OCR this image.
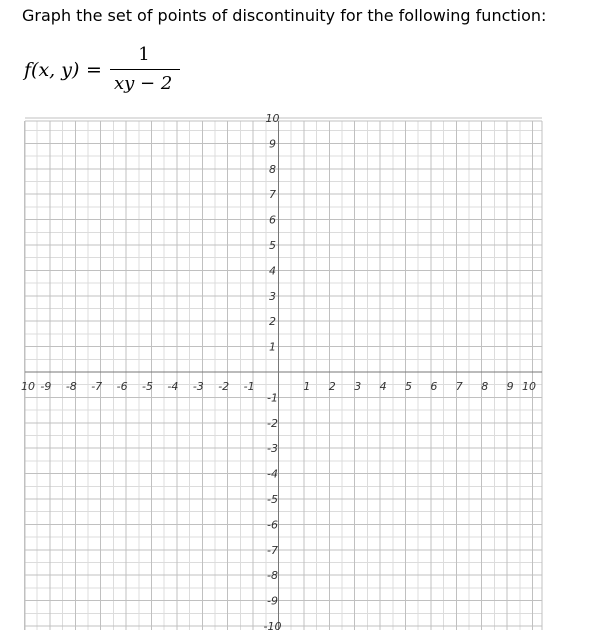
Graph the set of points of discontinuity for the following function:
f(x, y) =
1
xy − 2
10 -9 -8 -7 -6 -5 -4 -3 -2 -1	1 2 3 4 5 6 7 8 9 10
10
9
8
7
6
5
4
3
2
1
-1
-2
-3
-4
-5
-6
-7
-8
-9
-10
